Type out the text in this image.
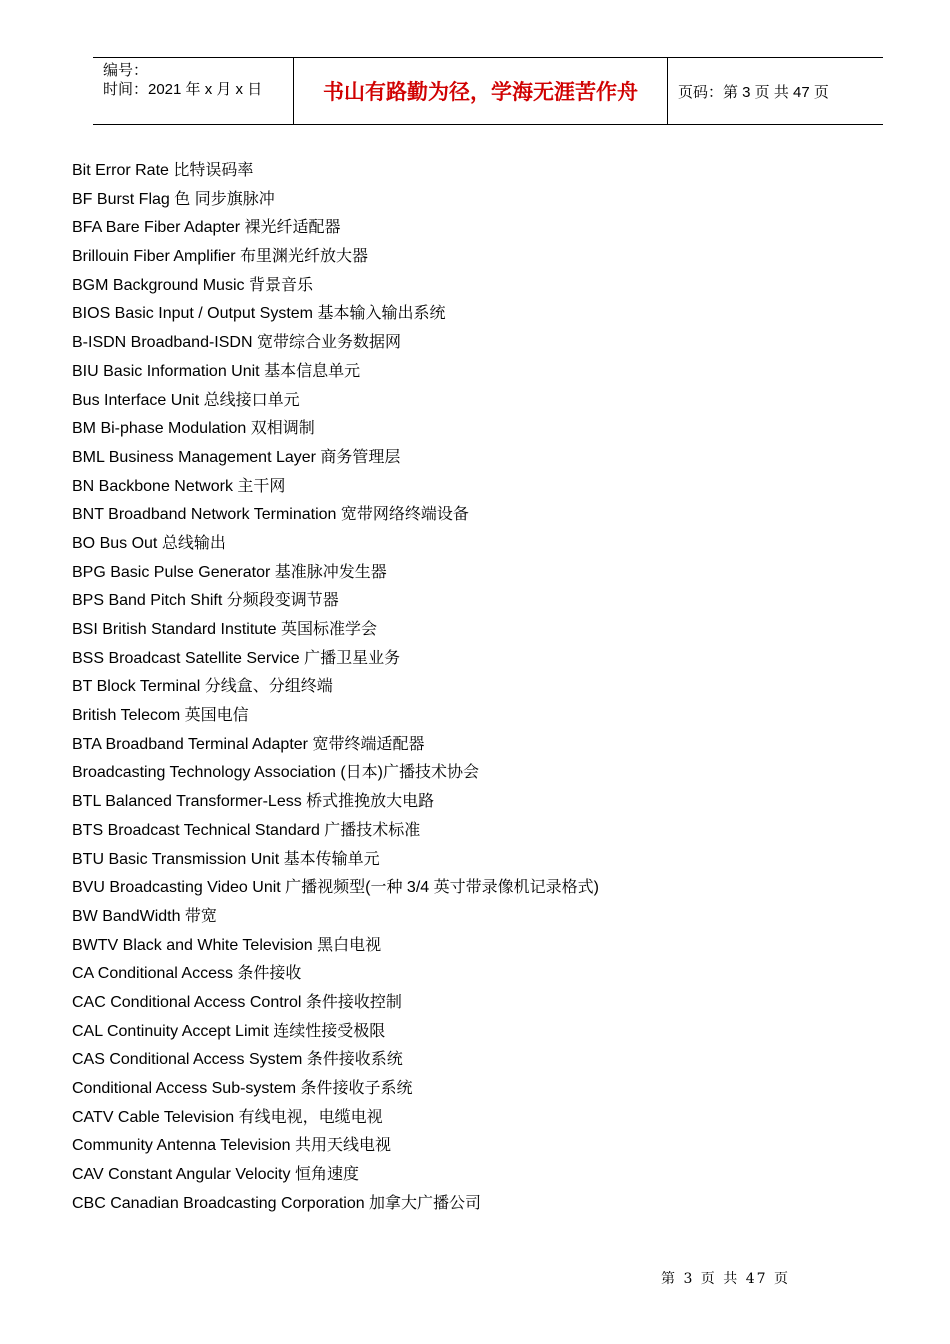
编号：
时间：2021 年 x 月 x 日	书山有路勤为径，学海无涯苦作舟	页码：第 3 页 共 47 页
Bit Error Rate 比特误码率
BF Burst Flag 色 同步旗脉冲
BFA Bare Fiber Adapter 裸光纤适配器
Brillouin Fiber Amplifier 布里渊光纤放大器
BGM Background Music 背景音乐
BIOS Basic Input / Output System 基本输入输出系统
B-ISDN Broadband-ISDN 宽带综合业务数据网
BIU Basic Information Unit 基本信息单元
Bus Interface Unit 总线接口单元
BM Bi-phase Modulation 双相调制
BML Business Management Layer 商务管理层
BN Backbone Network 主干网
BNT Broadband Network Termination 宽带网络终端设备
BO Bus Out 总线输出
BPG Basic Pulse Generator 基准脉冲发生器
BPS Band Pitch Shift 分频段变调节器
BSI British Standard Institute 英国标准学会
BSS Broadcast Satellite Service 广播卫星业务
BT Block Terminal 分线盒、分组终端
British Telecom 英国电信
BTA Broadband Terminal Adapter 宽带终端适配器
Broadcasting Technology Association (日本)广播技术协会
BTL Balanced Transformer-Less 桥式推挽放大电路
BTS Broadcast Technical Standard 广播技术标准
BTU Basic Transmission Unit 基本传输单元
BVU Broadcasting Video Unit 广播视频型(一种 3/4 英寸带录像机记录格式)
BW BandWidth 带宽
BWTV Black and White Television 黑白电视
CA Conditional Access 条件接收
CAC Conditional Access Control 条件接收控制
CAL Continuity Accept Limit 连续性接受极限
CAS Conditional Access System 条件接收系统
Conditional Access Sub-system 条件接收子系统
CATV Cable Television 有线电视，电缆电视
Community Antenna Television 共用天线电视
CAV Constant Angular Velocity 恒角速度
CBC Canadian Broadcasting Corporation 加拿大广播公司
第 3 页 共 47 页
